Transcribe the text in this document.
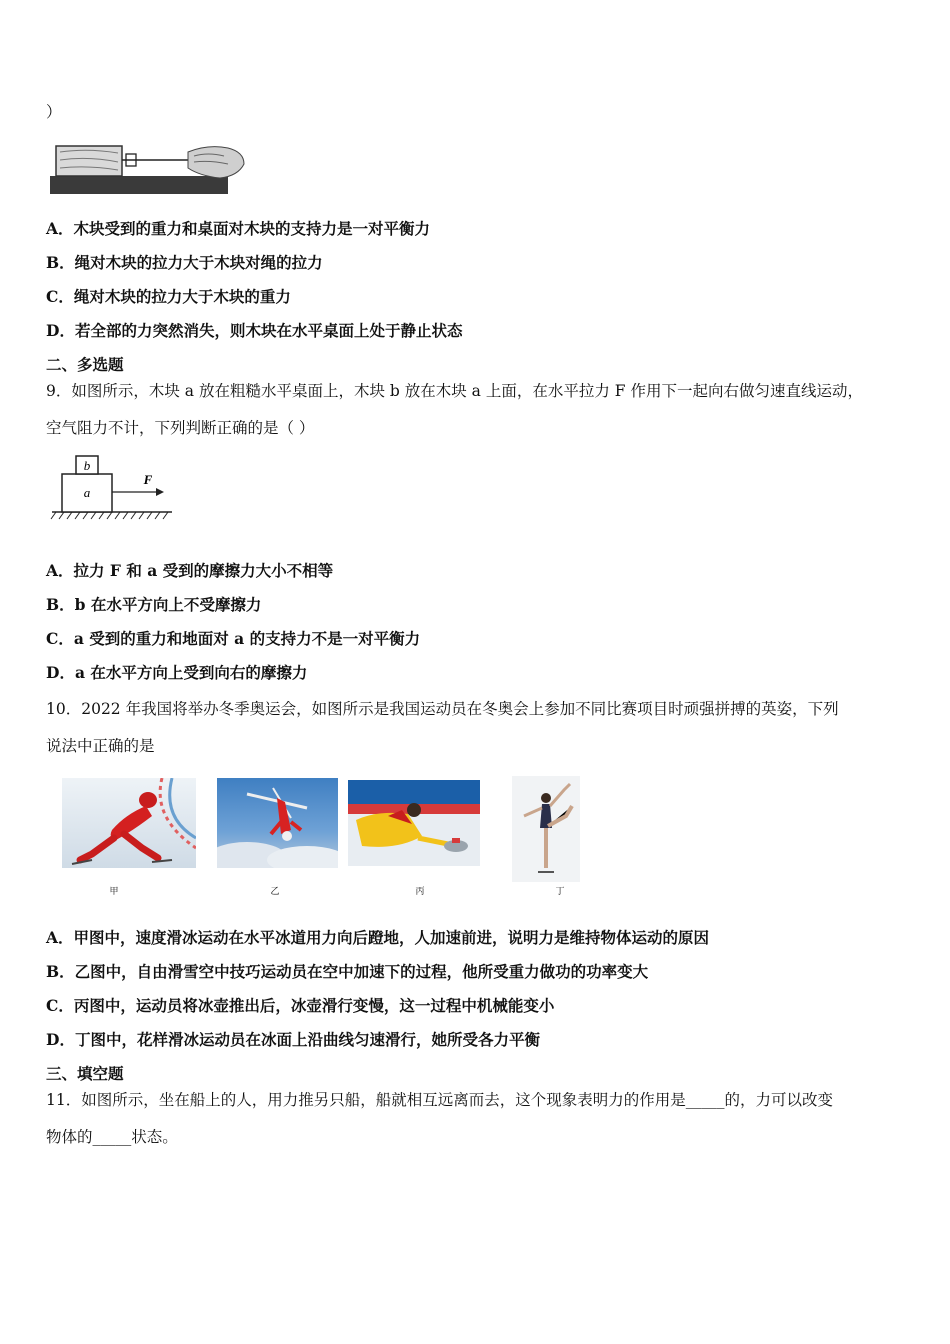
）
A．木块受到的重力和桌面对木块的支持力是一对平衡力
B．绳对木块的拉力大于木块对绳的拉力
C．绳对木块的拉力大于木块的重力
D．若全部的力突然消失，则木块在水平桌面上处于静止状态
二、多选题
9．如图所示，木块 a 放在粗糙水平桌面上，木块 b 放在木块 a 上面，在水平拉力 F 作用下一起向右做匀速直线运动，
空气阻力不计，下列判断正确的是（ ）
b
a
F
A．拉力 F 和 a 受到的摩擦力大小不相等
B．b 在水平方向上不受摩擦力
C．a 受到的重力和地面对 a 的支持力不是一对平衡力
D．a 在水平方向上受到向右的摩擦力
10．2022 年我国将举办冬季奥运会，如图所示是我国运动员在冬奥会上参加不同比赛项目时顽强拼搏的英姿，下列
说法中正确的是
甲	乙	丙	丁
A．甲图中，速度滑冰运动在水平冰道用力向后蹬地，人加速前进，说明力是维持物体运动的原因
B．乙图中，自由滑雪空中技巧运动员在空中加速下的过程，他所受重力做功的功率变大
C．丙图中，运动员将冰壶推出后，冰壶滑行变慢，这一过程中机械能变小
D．丁图中，花样滑冰运动员在冰面上沿曲线匀速滑行，她所受各力平衡
三、填空题
11．如图所示，坐在船上的人，用力推另只船，船就相互远离而去，这个现象表明力的作用是_____的，力可以改变
物体的_____状态。
